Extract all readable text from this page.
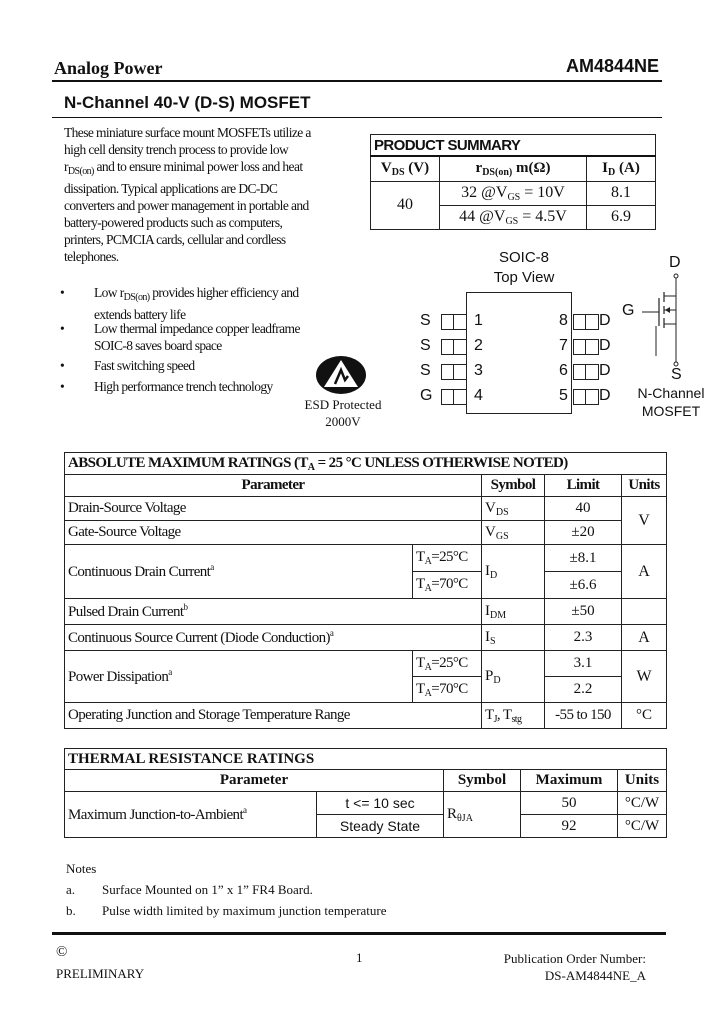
Analog Power	AM4844NE
N-Channel 40-V (D-S) MOSFET
These miniature surface mount MOSFETs utilize a
high cell density trench process to provide low
$r_{DS(on)}$ and to ensure minimal power loss and heat
dissipation. Typical applications are DC-DC
converters and power management in portable and
battery-powered products such as computers,
printers, PCMCIA cards, cellular and cordless
telephones.
• Low $r_{DS(on)}$ provides higher efficiency and
extends battery life
• Low thermal impedance copper leadframe
SOIC-8 saves board space
• Fast switching speed
• High performance trench technology
ESD Protected
2000V
PRODUCT SUMMARY		
$V_{DS}$ (V)	$r_{DS(on)}$ m(Ω)	$I_D$ (A)
40	32 $@V_{GS} = 10V$	8.1
	44 $@V_{GS} = 4.5V$	6.9
SOIC-8
Top View
S	1
S	2
S	3
G	4
8 D
7 D
6 D
5 D
D
G
S
N-Channel
MOSFET
ABSOLUTE MAXIMUM RATINGS ($T_A = 25$ °C UNLESS OTHERWISE NOTED)				
Parameter		Symbol	Limit	Units
Drain-Source Voltage		$V_{DS}$	40	V
Gate-Source Voltage		$V_{GS}$	±20	
Continuous Drain Current$^a$	$T_A=25^\circ C$	$I_D$	±8.1	A
	$T_A=70^\circ C$		±6.6	
Pulsed Drain Current$^b$		$I_{DM}$	±50	
Continuous Source Current (Diode Conduction)$^a$		$I_S$	2.3	A
Power Dissipation$^a$	$T_A=25^\circ C$	$P_D$	3.1	W
	$T_A=70^\circ C$		2.2	
Operating Junction and Storage Temperature Range		$T_J$, $T_{stg}$	-55 to 150	°C
THERMAL RESISTANCE RATINGS				
Parameter		Symbol	Maximum	Units
Maximum Junction-to-Ambient$^a$	t <= 10 sec	$R_{\theta JA}$	50	°C/W
	Steady State		92	°C/W
Notes
a. Surface Mounted on 1” x 1” FR4 Board.
b. Pulse width limited by maximum junction temperature
©
PRELIMINARY
1	Publication Order Number:
DS-AM4844NE_A
